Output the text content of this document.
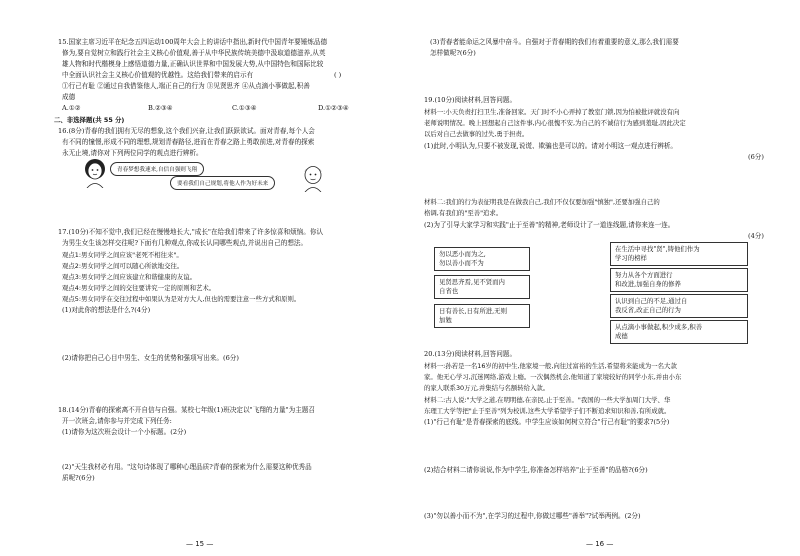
15.国家主席习近平在纪念五四运动100周年大会上的讲话中指出,新时代中国青年要锤炼品德
修为,要自觉树立和践行社会主义核心价值观,善于从中华民族传统美德中汲取道德滋养,从英
雄人物和时代楷模身上感悟道德力量,正确认识世界和中国发展大势,从中国特色和国际比较
中全面认识社会主义核心价值观的优越性。这给我们带来的启示有	( )
①行己有耻 ②通过自我借鉴他人,端正自己的行为 ③见贤思齐 ④从点滴小事做起,积善
成德
A.①②	B.②③④	C.①③④	D.①②③④
二、非选择题(共 55 分)
16.(8分)青春的我们拥有无尽的想象,这个我们兴奋,让我们跃跃欲试。面对青春,每个人会
有不同的憧憬,形成不同的理想,规划青春路径,进而在青春之路上勇敢前进,对青春的探索
永无止境,请你对下列两位同学的观点进行辨析。
青春梦想我速来,自信自强则飞翔
要看我们自己规划,将他人作为好未来
17.(10分)不知不觉中,我们已经在慢慢地长大,"成长"在给我们带来了许多惊喜和烦恼。你认
为男生女生该怎样交往呢?下面有几种观点,你成长认同哪些观点,并说出自己的想法。
观点1:男女同学之间应该"老死不相往来"。
观点2:男女同学之间可以随心所欲地交往。
观点3:男女同学之间应该建立和谐健康的友谊。
观点4:男女同学之间的交往要讲究一定的原则和艺术。
观点5:男女同学在交往过程中如果认为是对方大人,但也的需要注意一些方式和原则。
(1)对此你的想法是什么?(4分)
(2)请你把自己心目中男生、女生的优势和强项写出来。(6分)
18.(14分)青春的探索离不开自信与自强。某校七年级(1)班决定以"飞翔的力量"为主题召
开一次班会,请你参与并完成下列任务:
(1)请你为这次班会设计一个小标题。(2分)
(2)"天生我材必有用。"这句诗体现了哪种心理品质?青春的探索为什么需要这种优秀品
质呢?(6分)
— 15 —
(3)青春者能命运之风暴中奋斗。自强对于青春期的我们有着重要的意义,那么我们需要
怎样做呢?(6分)
19.(10分)阅读材料,回答问题。
材料一:小天负责打扫卫生,准备回家。天门时不小心弄掉了教室门锁,因为怕被批评就没有向
老师说明情况。晚上回想起自己这件事,内心很愧不安,为自己的不诚信行为感到羞耻,因此决定
以后对自己去做事的过失,勇于担责。
(1)此时,小明认为,只要不被发现,说谎、欺骗也是可以的。请对小明这一观点进行辨析。
(6分)
材料二:我们的行为表征明我是在做我自己,我们不仅仅要加强"慎独",还要加强自己的
格调,有我们的"至善"追求。
(2)为了引导大家学习和实践"止于至善"的精神,老师设计了一道连线题,请你来连一连。
(4分)
勿以恶小而为之,
勿以善小而不为
见贤思齐焉,见不贤而内
自省也
日有善长,日有所进,无则
加勉
在生活中寻找"贤",铸他们作为
学习的榜样
努力从各个方面进行
和改进,加强自身的修养
认识到自己的不足,通过自
我反省,改正自己的行为
从点滴小事做起,积少成多,积善
成德
20.(13分)阅读材料,回答问题。
材料一:孙若是一名16岁的初中生,他家境一般,向往过富裕的生活,希望将来能成为一名大款
家。他无心学习,沉迷网络,游戏上瘾。一次偶然机会,他知道了家境较好的同学小东,并由小东
的家人联系30万元,并集结与名额转给入款。
材料二:古人说:"大学之道,在明明德,在亲民,止于至善。"我国的一些大学加周门大学、华
东理工大学等把"止于至善"列为校训,这些大学希望学子们不断追求知识和善,有所成就。
(1)"行己有耻"是青春探索的底线。中学生应该如何树立符合"行己有耻"的要求?(5分)
(2)结合材料二请你说说,作为中学生,你准备怎样培养"止于至善"的品格?(6分)
(3)"勿以善小而不为",在学习的过程中,你做过哪些"善举"?试举两例。(2分)
— 16 —
